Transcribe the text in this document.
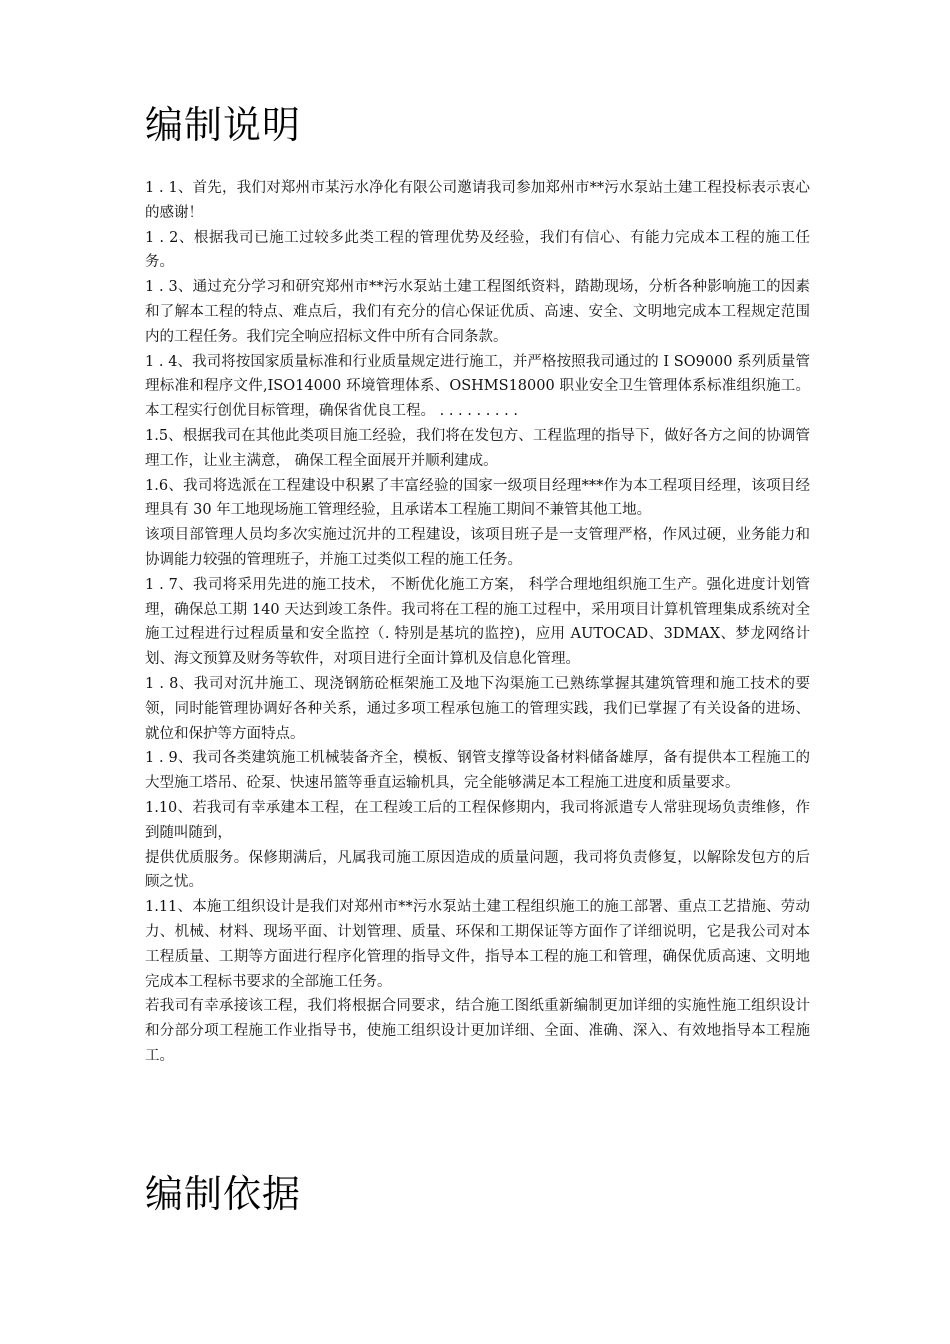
编制说明

1 . 1、首先，我们对郑州市某污水净化有限公司邀请我司参加郑州市**污水泵站土建工程投标表示衷心的感谢！

1 . 2、根据我司已施工过较多此类工程的管理优势及经验，我们有信心、有能力完成本工程的施工任务。

1 . 3、通过充分学习和研究郑州市**污水泵站土建工程图纸资料，踏勘现场，分析各种影响施工的因素和了解本工程的特点、难点后，我们有充分的信心保证优质、高速、安全、文明地完成本工程规定范围内的工程任务。我们完全响应招标文件中所有合同条款。

1 . 4、我司将按国家质量标准和行业质量规定进行施工，并严格按照我司通过的 I SO9000 系列质量管理标准和程序文件,ISO14000 环境管理体系、OSHMS18000 职业安全卫生管理体系标准组织施工。本工程实行创优目标管理，确保省优良工程。 . . . . . . . . .

1.5、根据我司在其他此类项目施工经验，我们将在发包方、工程监理的指导下，做好各方之间的协调管理工作，让业主满意， 确保工程全面展开并顺利建成。

1.6、我司将选派在工程建设中积累了丰富经验的国家一级项目经理***作为本工程项目经理，该项目经理具有 30 年工地现场施工管理经验，且承诺本工程施工期间不兼管其他工地。

该项目部管理人员均多次实施过沉井的工程建设，该项目班子是一支管理严格，作风过硬，业务能力和协调能力较强的管理班子，并施工过类似工程的施工任务。

1 . 7、我司将采用先进的施工技术， 不断优化施工方案， 科学合理地组织施工生产。强化进度计划管理，确保总工期 140 天达到竣工条件。我司将在工程的施工过程中，采用项目计算机管理集成系统对全施工过程进行过程质量和安全监控（. 特别是基坑的监控)，应用 AUTOCAD、3DMAX、梦龙网络计划、海文预算及财务等软件，对项目进行全面计算机及信息化管理。

1 . 8、我司对沉井施工、现浇钢筋砼框架施工及地下沟渠施工已熟练掌握其建筑管理和施工技术的要领，同时能管理协调好各种关系，通过多项工程承包施工的管理实践，我们已掌握了有关设备的进场、就位和保护等方面特点。

1 . 9、我司各类建筑施工机械装备齐全，模板、钢管支撑等设备材料储备雄厚，备有提供本工程施工的大型施工塔吊、砼泵、快速吊篮等垂直运输机具，完全能够满足本工程施工进度和质量要求。

1.10、若我司有幸承建本工程，在工程竣工后的工程保修期内，我司将派遣专人常驻现场负责维修，作到随叫随到，

提供优质服务。保修期满后，凡属我司施工原因造成的质量问题，我司将负责修复，以解除发包方的后顾之忧。

1.11、本施工组织设计是我们对郑州市**污水泵站土建工程组织施工的施工部署、重点工艺措施、劳动力、机械、材料、现场平面、计划管理、质量、环保和工期保证等方面作了详细说明，它是我公司对本工程质量、工期等方面进行程序化管理的指导文件，指导本工程的施工和管理，确保优质高速、文明地完成本工程标书要求的全部施工任务。

若我司有幸承接该工程，我们将根据合同要求，结合施工图纸重新编制更加详细的实施性施工组织设计和分部分项工程施工作业指导书，使施工组织设计更加详细、全面、准确、深入、有效地指导本工程施工。

编制依据
